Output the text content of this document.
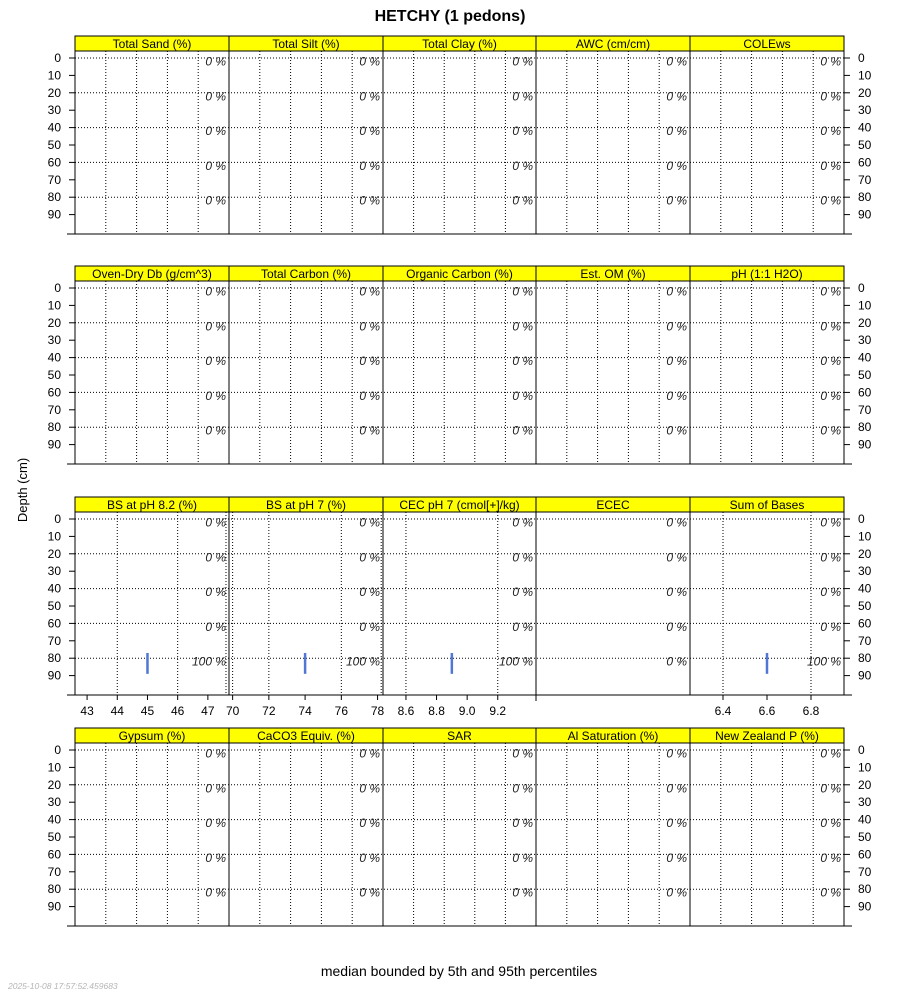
HETCHY (1 pedons)
Depth (cm)
median bounded by 5th and 95th percentiles
2025-10-08 17:57:52.459683
Total Sand (%)
0 %
0 %
0 %
0 %
0 %
Total Silt (%)
0 %
0 %
0 %
0 %
0 %
Total Clay (%)
0 %
0 %
0 %
0 %
0 %
AWC (cm/cm)
0 %
0 %
0 %
0 %
0 %
COLEws
0 %
0 %
0 %
0 %
0 %
0	0
10	10
20	20
30	30
40	40
50	50
60	60
70	70
80	80
90	90
Oven-Dry Db (g/cm^3)
0 %
0 %
0 %
0 %
0 %
Total Carbon (%)
0 %
0 %
0 %
0 %
0 %
Organic Carbon (%)
0 %
0 %
0 %
0 %
0 %
Est. OM (%)
0 %
0 %
0 %
0 %
0 %
pH (1:1 H2O)
0 %
0 %
0 %
0 %
0 %
0	0
10	10
20	20
30	30
40	40
50	50
60	60
70	70
80	80
90	90
BS at pH 8.2 (%)
0 %
0 %
0 %
0 %
100 %
43 44 45 46 47
BS at pH 7 (%)
0 %
0 %
0 %
0 %
100 %
70 72 74 76 78
CEC pH 7 (cmol[+]/kg)
0 %
0 %
0 %
0 %
100 %
8.6 8.8 9.0 9.2
ECEC
0 %
0 %
0 %
0 %
0 %
Sum of Bases
0 %
0 %
0 %
0 %
100 %
6.4 6.6 6.8
0	0
10	10
20	20
30	30
40	40
50	50
60	60
70	70
80	80
90	90
Gypsum (%)
0 %
0 %
0 %
0 %
0 %
CaCO3 Equiv. (%)
0 %
0 %
0 %
0 %
0 %
SAR
0 %
0 %
0 %
0 %
0 %
Al Saturation (%)
0 %
0 %
0 %
0 %
0 %
New Zealand P (%)
0 %
0 %
0 %
0 %
0 %
0	0
10	10
20	20
30	30
40	40
50	50
60	60
70	70
80	80
90	90
